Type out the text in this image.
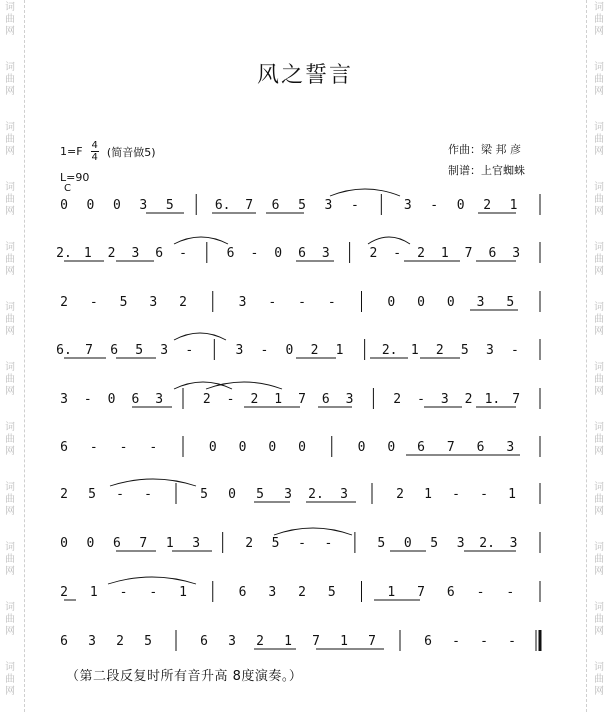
词
曲
网
词
曲
网
词
曲
网
词
曲
网
词
曲
网
词
曲
网
词
曲
网
词
曲
网
词
曲
网
词
曲
网
词
曲
网
词
曲
网
词
曲
网
词
曲
网
词
曲
网
词
曲
网
词
曲
网
词
曲
网
词
曲
网
词
曲
网
词
曲
网
词
曲
网
词
曲
网
词
曲
网
风之誓言
$1=F \frac{4}{4}$ (简音做5)	作曲：梁 邦 彦
制谱：上官蜘蛛
L=90
C
0 0 0 3 5	6. 7 6 5 3 -	3 - 0 2 1
2. 1 2 3 6 -	6 - 0 6 3	2 - 2 1 7 6 3
2 - 5 3 2	3 - - -	0 0 0 3 5
6. 7 6 5 3 -	3 - 0 2 1	2. 1 2 5 3 -
3 - 0 6 3	2 - 2 1 7 6 3	2 - 3 2 1. 7
6 - - -	0 0 0 0	0 0 6 7 6 3
2 5 - -	5 0 5 3 2. 3	2 1 - - 1
0 0 6 7 1 3	2 5 - -	5 0 5 3 2. 3
2 1 - - 1	6 3 2 5	1 7 6 - -
6 3 2 5	6 3 2 1 7 1 7	6 - - -
（第二段反复时所有音升高 8度演奏。）
